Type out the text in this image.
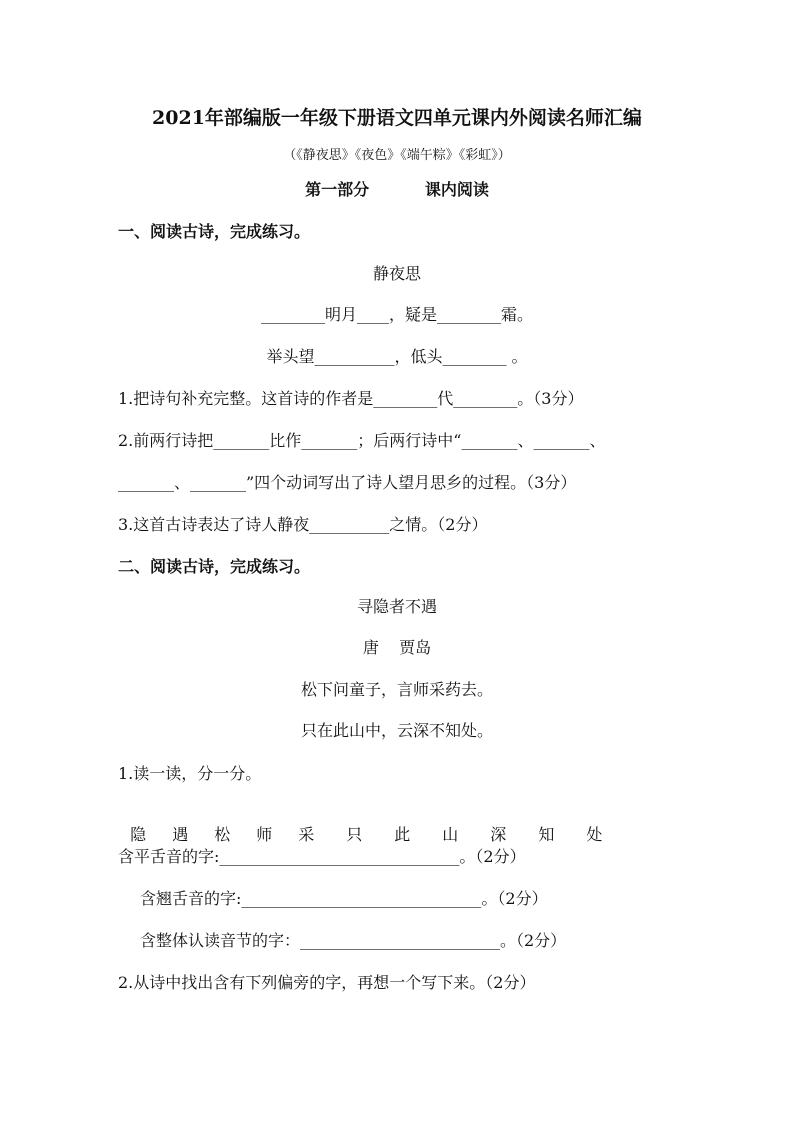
2021年部编版一年级下册语文四单元课内外阅读名师汇编
（《静夜思》《夜色》《端午粽》《彩虹》）
第一部分          课内阅读
一、阅读古诗，完成练习。
静夜思
________明月____，疑是________霜。
举头望__________，低头________ 。
1.把诗句补充完整。这首诗的作者是________代________。（3分）
2.前两行诗把_______比作_______；后两行诗中“_______、_______、
_______、_______”四个动词写出了诗人望月思乡的过程。（3分）
3.这首古诗表达了诗人静夜__________之情。（2分）
二、阅读古诗，完成练习。
寻隐者不遇
唐    贾岛
松下问童子，言师采药去。
只在此山中，云深不知处。
1.读一读，分一分。

隐 遇 松 师 采 只 此 山 深 知 处

含平舌音的字:______________________________。（2分）
含翘舌音的字:______________________________。（2分）
含整体认读音节的字：_________________________。（2分）
2.从诗中找出含有下列偏旁的字，再想一个写下来。（2分）
